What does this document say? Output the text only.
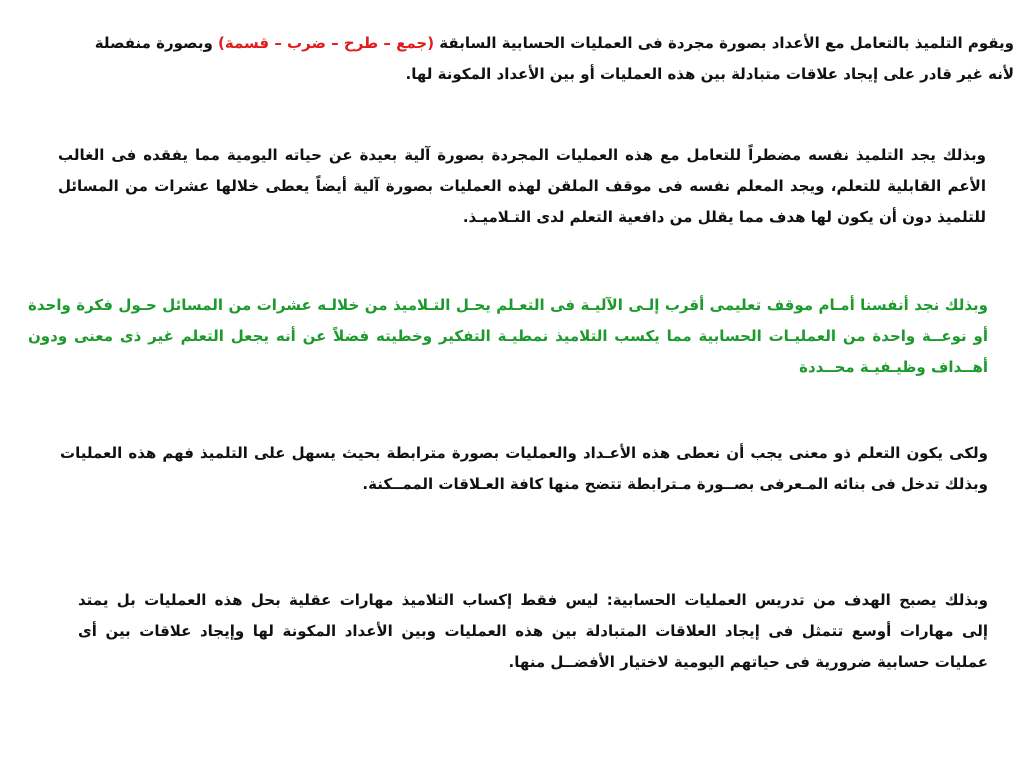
ويقوم التلميذ بالتعامل مع الأعداد بصورة مجردة فى العمليات الحسابية السابقة (جمع – طرح – ضرب – قسمة) وبصورة منفصلة
لأنه غير قادر على إيجاد علاقات متبادلة بين هذه العمليات أو بين الأعداد المكونة لها.
وبذلك يجد التلميذ نفسه مضطراً للتعامل مع هذه العمليات المجردة بصورة آلية بعيدة عن حياته اليومية مما يفقده فى الغالب
الأعم القابلية للتعلم، ويجد المعلم نفسه فى موقف الملقن لهذه العمليات بصورة آلية أيضاً يعطى خلالها عشرات من المسائل
للتلميذ دون أن يكون لها هدف مما يقلل من دافعية التعلم لدى التـلاميـذ.
وبذلك نجد أنفسنا أمـام موقف تعليمى أقرب إلـى الآليـة فى التعـلم يحـل التـلاميذ من خلالـه عشرات من المسائل حـول فكرة واحدة
أو نوعــة واحدة من العمليـات الحسابية مما يكسب التلاميذ نمطيـة التفكير وخطيته فضلاً عن أنه يجعل التعلم غير ذى معنى ودون
أهــداف وظيـفيـة محــددة
ولكى يكون التعلم ذو معنى يجب أن نعطى هذه الأعـداد والعمليات بصورة مترابطة بحيث يسهل على التلميذ فهم هذه العمليات
وبذلك تدخل فى بنائه المـعرفى بصــورة مـترابطة تتضح منها كافة العـلاقات الممــكنة.
وبذلك يصبح الهدف من تدريس العمليات الحسابية: ليس فقط إكساب التلاميذ مهارات عقلية بحل هذه العمليات بل يمتد
إلى مهارات أوسع تتمثل فى إيجاد العلاقات المتبادلة بين هذه العمليات وبين الأعداد المكونة لها وإيجاد علاقات بين أى
عمليات حسابية ضرورية فى حياتهم اليومية لاختيار الأفضــل منها.
